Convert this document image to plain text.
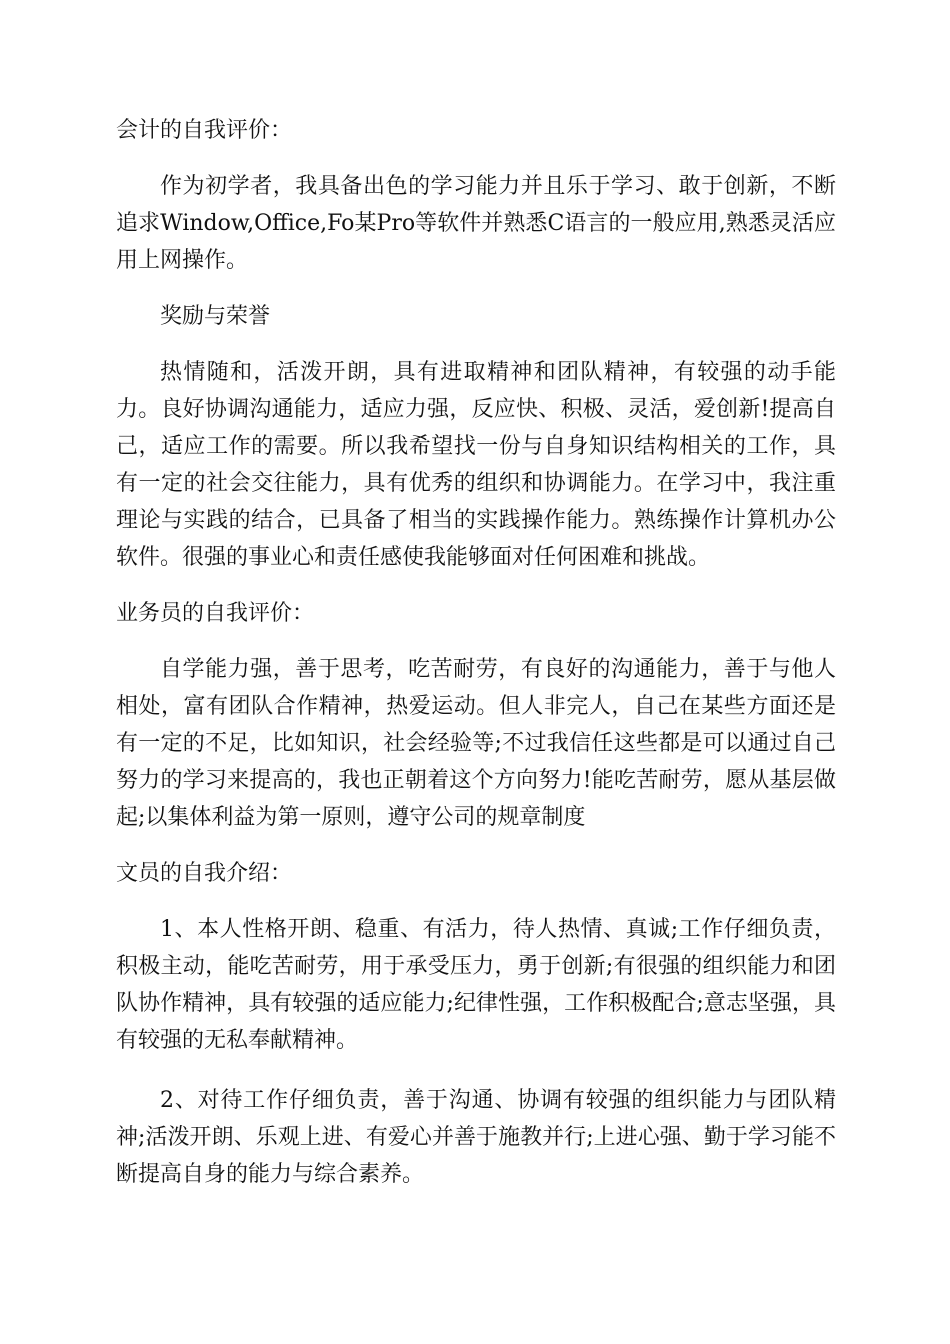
会计的自我评价：

作为初学者，我具备出色的学习能力并且乐于学习、敢于创新，不断追求Window,Office,Fo某Pro等软件并熟悉C语言的一般应用,熟悉灵活应用上网操作。

奖励与荣誉

热情随和，活泼开朗，具有进取精神和团队精神，有较强的动手能力。良好协调沟通能力，适应力强，反应快、积极、灵活，爱创新!提高自己，适应工作的需要。所以我希望找一份与自身知识结构相关的工作，具有一定的社会交往能力，具有优秀的组织和协调能力。在学习中，我注重理论与实践的结合，已具备了相当的实践操作能力。熟练操作计算机办公软件。很强的事业心和责任感使我能够面对任何困难和挑战。

业务员的自我评价：

自学能力强，善于思考，吃苦耐劳，有良好的沟通能力，善于与他人相处，富有团队合作精神，热爱运动。但人非完人，自己在某些方面还是有一定的不足，比如知识，社会经验等;不过我信任这些都是可以通过自己努力的学习来提高的，我也正朝着这个方向努力!能吃苦耐劳，愿从基层做起;以集体利益为第一原则，遵守公司的规章制度

文员的自我介绍：

1、本人性格开朗、稳重、有活力，待人热情、真诚;工作仔细负责，积极主动，能吃苦耐劳，用于承受压力，勇于创新;有很强的组织能力和团队协作精神，具有较强的适应能力;纪律性强，工作积极配合;意志坚强，具有较强的无私奉献精神。

2、对待工作仔细负责，善于沟通、协调有较强的组织能力与团队精神;活泼开朗、乐观上进、有爱心并善于施教并行;上进心强、勤于学习能不断提高自身的能力与综合素养。
